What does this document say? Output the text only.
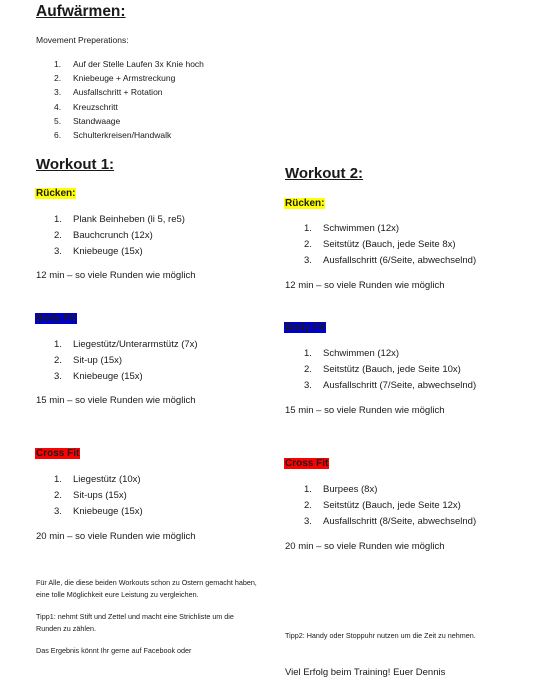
Aufwärmen:
Movement Preperations:
1. Auf der Stelle Laufen 3x Knie hoch
2. Kniebeuge + Armstreckung
3. Ausfallschritt + Rotation
4. Kreuzschritt
5. Standwaage
6. Schulterkreisen/Handwalk
Workout 1:
Rücken:
1. Plank Beinheben (li 5, re5)
2. Bauchcrunch (12x)
3. Kniebeuge (15x)
12 min – so viele Runden wie möglich
Body Fit
1. Liegestütz/Unterarmstütz (7x)
2. Sit-up (15x)
3. Kniebeuge (15x)
15 min – so viele Runden wie möglich
Cross Fit
1. Liegestütz (10x)
2. Sit-ups (15x)
3. Kniebeuge (15x)
20 min – so viele Runden wie möglich
Workout 2:
Rücken:
1. Schwimmen (12x)
2. Seitstütz (Bauch, jede Seite 8x)
3. Ausfallschritt (6/Seite, abwechselnd)
12 min – so viele Runden wie möglich
Body Fit
1. Schwimmen (12x)
2. Seitstütz (Bauch, jede Seite 10x)
3. Ausfallschritt (7/Seite, abwechselnd)
15 min – so viele Runden wie möglich
Cross Fit
1. Burpees (8x)
2. Seitstütz (Bauch, jede Seite 12x)
3. Ausfallschritt (8/Seite, abwechselnd)
20 min – so viele Runden wie möglich

Für Alle, die diese beiden Workouts schon zu Ostern gemacht haben, eine tolle Möglichkeit eure Leistung zu vergleichen.

Tipp1: nehmt Stift und Zettel und macht eine Strichliste um die Runden zu zählen.

Das Ergebnis könnt Ihr gerne auf Facebook oder

Tipp2: Handy oder Stoppuhr nutzen um die Zeit zu nehmen.
Viel Erfolg beim Training! Euer Dennis
